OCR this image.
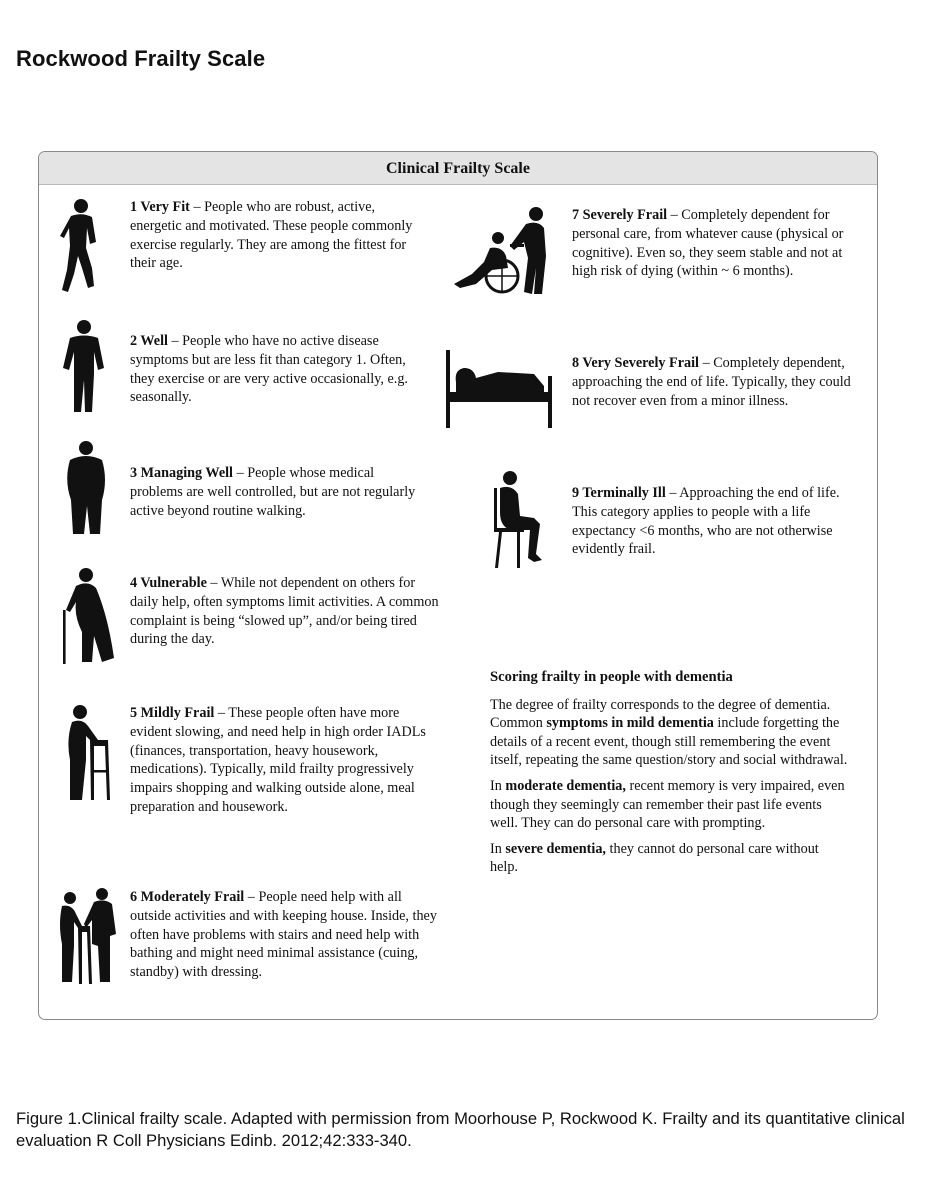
Rockwood Frailty Scale
Clinical Frailty Scale
1 Very Fit – People who are robust, active, energetic and motivated. These people commonly exercise regularly. They are among the fittest for their age.
2 Well – People who have no active disease symptoms but are less fit than category 1. Often, they exercise or are very active occasionally, e.g. seasonally.
3 Managing Well – People whose medical problems are well controlled, but are not regularly active beyond routine walking.
4 Vulnerable – While not dependent on others for daily help, often symptoms limit activities. A common complaint is being “slowed up”, and/or being tired during the day.
5 Mildly Frail – These people often have more evident slowing, and need help in high order IADLs (finances, transportation, heavy housework, medications). Typically, mild frailty progressively impairs shopping and walking outside alone, meal preparation and housework.
6 Moderately Frail – People need help with all outside activities and with keeping house. Inside, they often have problems with stairs and need help with bathing and might need minimal assistance (cuing, standby) with dressing.
7 Severely Frail – Completely dependent for personal care, from whatever cause (physical or cognitive). Even so, they seem stable and not at high risk of dying (within ~ 6 months).
8 Very Severely Frail – Completely dependent, approaching the end of life. Typically, they could not recover even from a minor illness.
9 Terminally Ill – Approaching the end of life. This category applies to people with a life expectancy <6 months, who are not otherwise evidently frail.
Scoring frailty in people with dementia

The degree of frailty corresponds to the degree of dementia. Common symptoms in mild dementia include forgetting the details of a recent event, though still remembering the event itself, repeating the same question/story and social withdrawal.

In moderate dementia, recent memory is very impaired, even though they seemingly can remember their past life events well. They can do personal care with prompting.

In severe dementia, they cannot do personal care without help.

Figure 1.Clinical frailty scale. Adapted with permission from Moorhouse P, Rockwood K. Frailty and its quantitative clinical evaluation R Coll Physicians Edinb. 2012;42:333-340.
